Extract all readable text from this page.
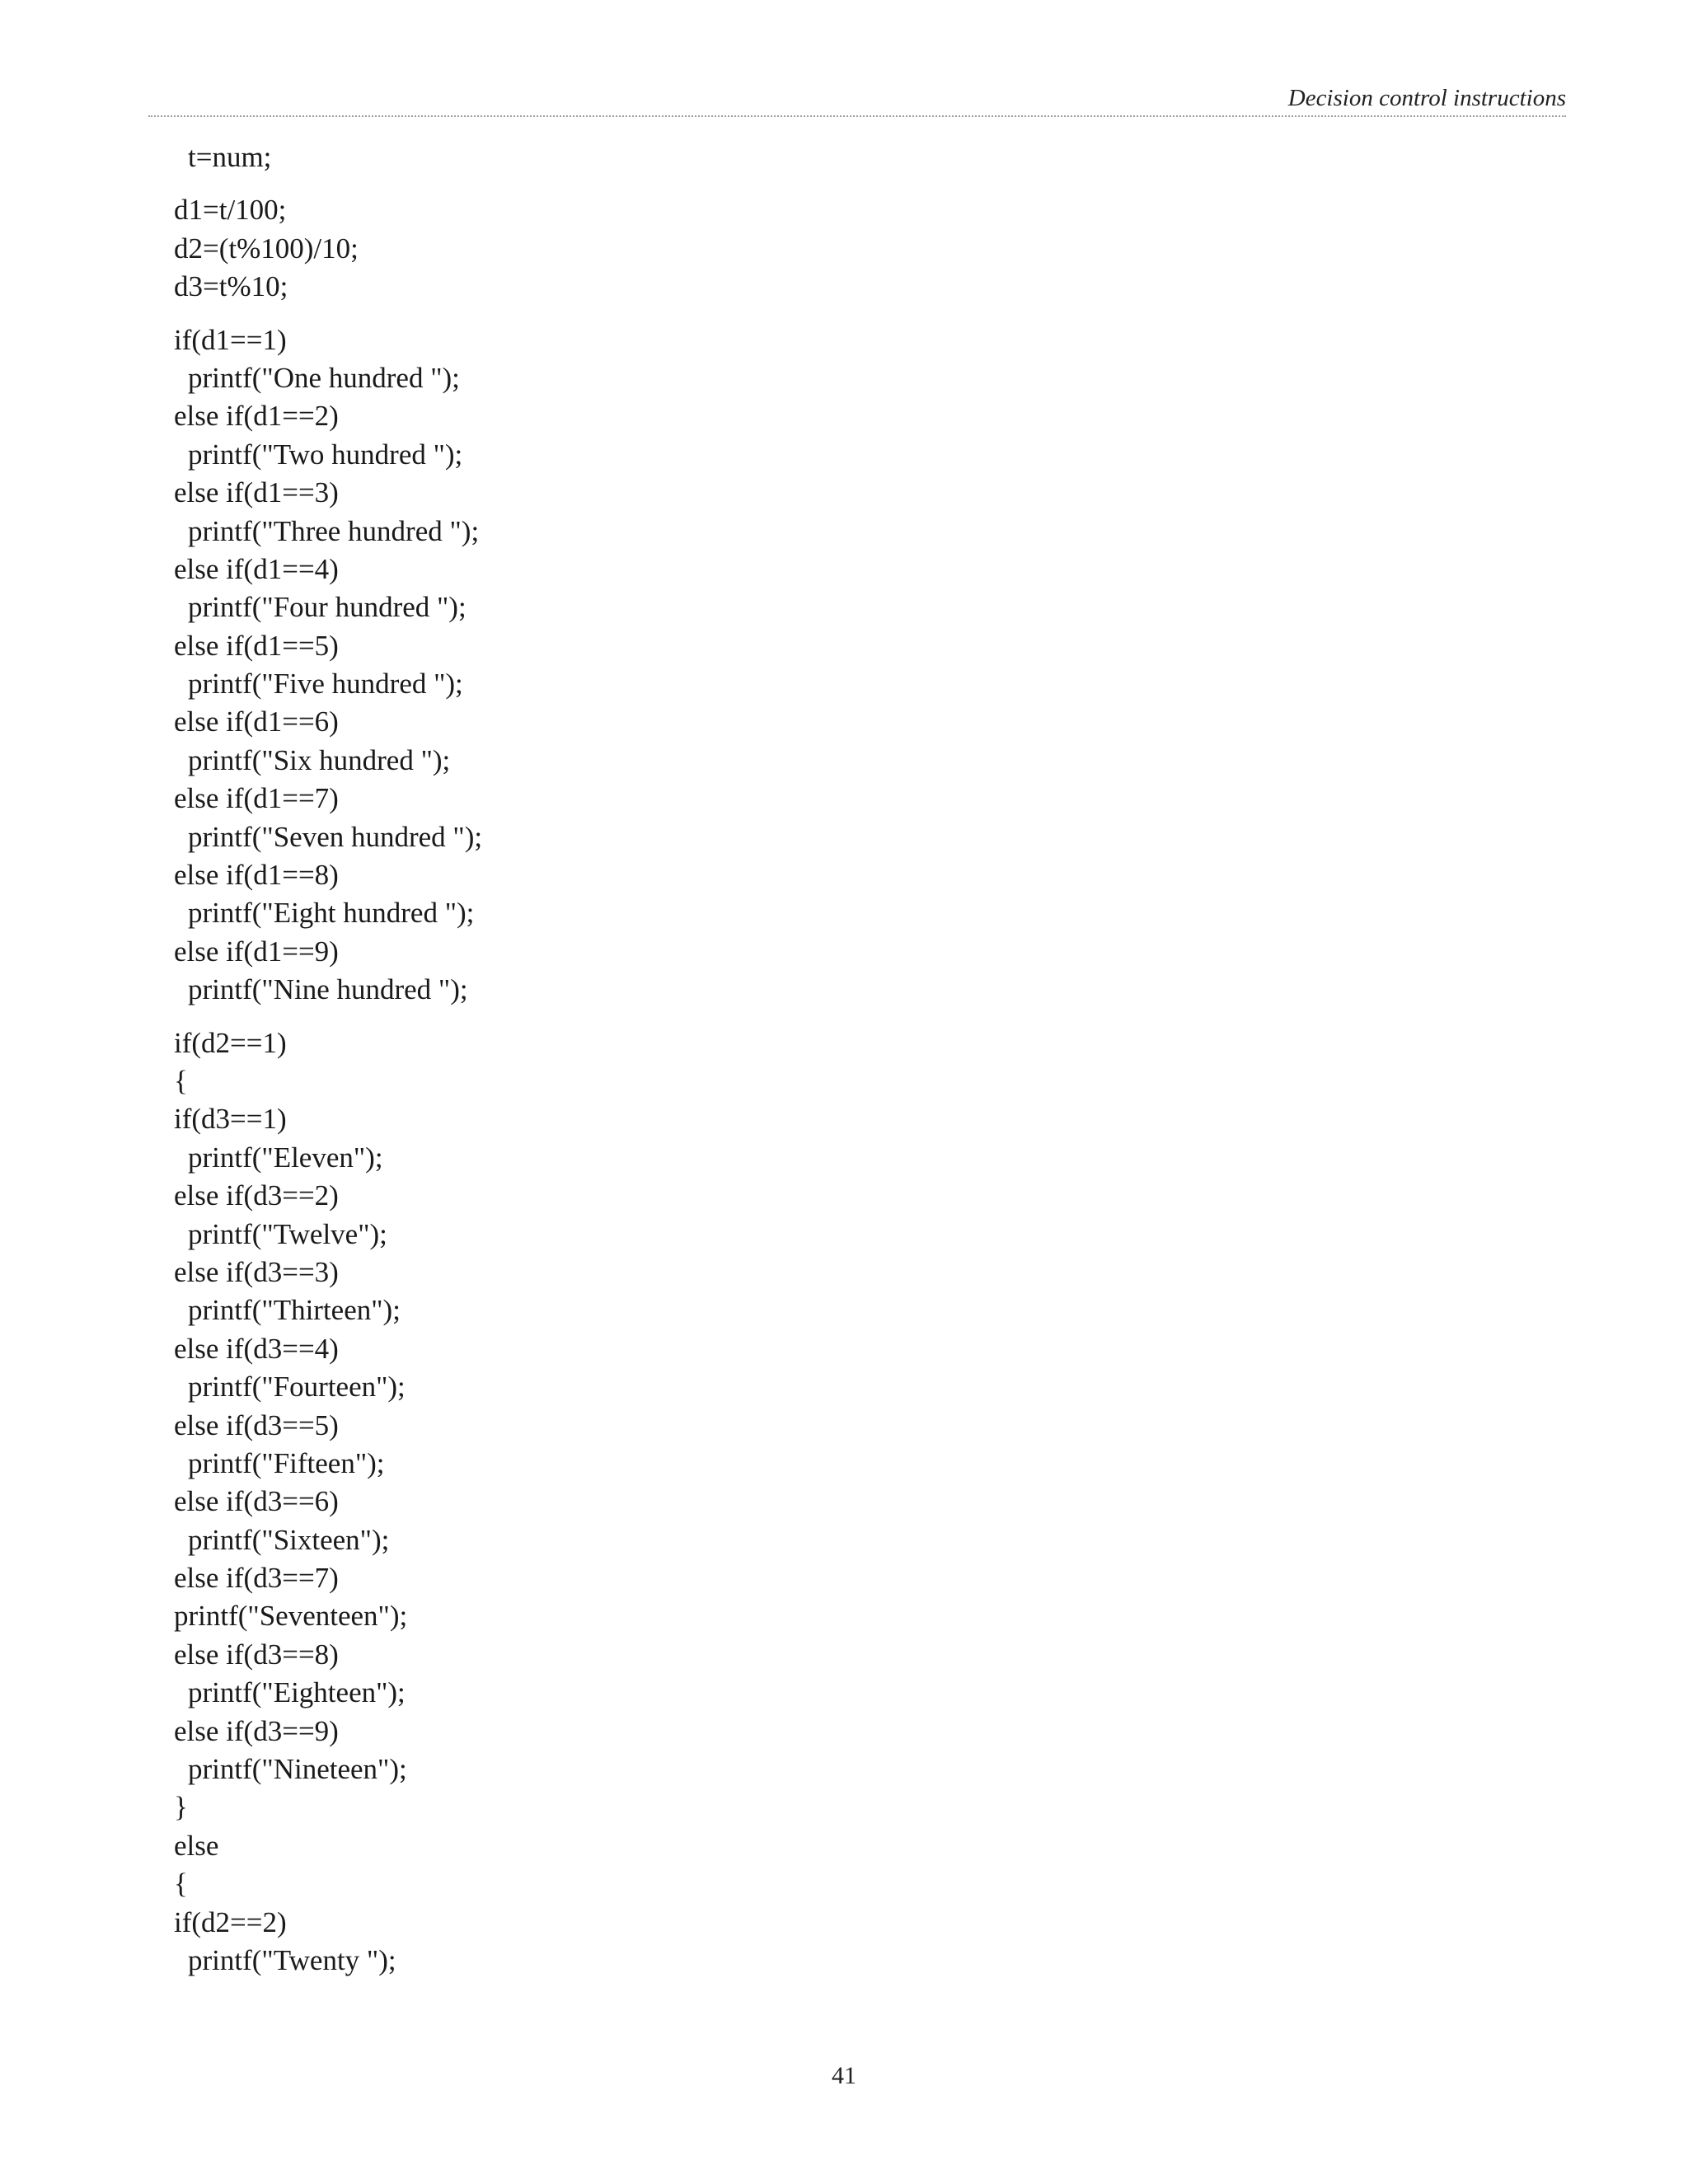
Decision control instructions
t=num;
d1=t/100;
d2=(t%100)/10;
d3=t%10;
if(d1==1)
printf("One hundred ");
else if(d1==2)
printf("Two hundred ");
else if(d1==3)
printf("Three hundred ");
else if(d1==4)
printf("Four hundred ");
else if(d1==5)
printf("Five hundred ");
else if(d1==6)
printf("Six hundred ");
else if(d1==7)
printf("Seven hundred ");
else if(d1==8)
printf("Eight hundred ");
else if(d1==9)
printf("Nine hundred ");
if(d2==1)
{
if(d3==1)
printf("Eleven");
else if(d3==2)
printf("Twelve");
else if(d3==3)
printf("Thirteen");
else if(d3==4)
printf("Fourteen");
else if(d3==5)
printf("Fifteen");
else if(d3==6)
printf("Sixteen");
else if(d3==7)
printf("Seventeen");
else if(d3==8)
printf("Eighteen");
else if(d3==9)
printf("Nineteen");
}
else
{
if(d2==2)
printf("Twenty ");
41
